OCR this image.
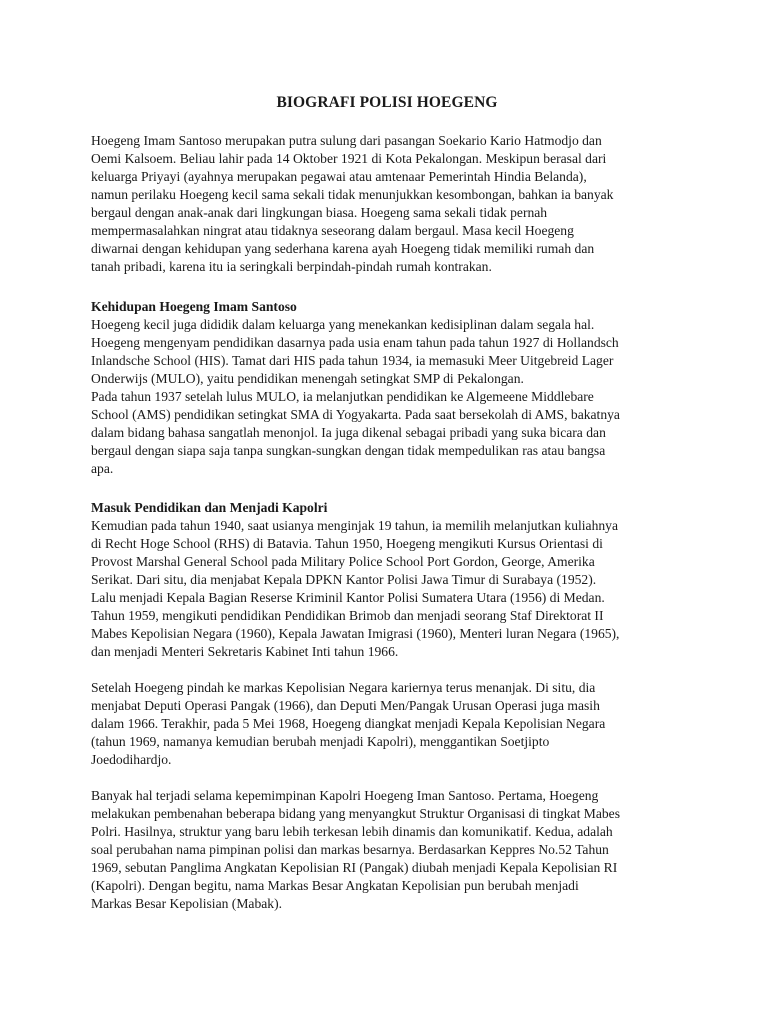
BIOGRAFI POLISI HOEGENG

Hoegeng Imam Santoso merupakan putra sulung dari pasangan Soekario Kario Hatmodjo dan
Oemi Kalsoem. Beliau lahir pada 14 Oktober 1921 di Kota Pekalongan. Meskipun berasal dari
keluarga Priyayi (ayahnya merupakan pegawai atau amtenaar Pemerintah Hindia Belanda),
namun perilaku Hoegeng kecil sama sekali tidak menunjukkan kesombongan, bahkan ia banyak
bergaul dengan anak-anak dari lingkungan biasa. Hoegeng sama sekali tidak pernah
mempermasalahkan ningrat atau tidaknya seseorang dalam bergaul. Masa kecil Hoegeng
diwarnai dengan kehidupan yang sederhana karena ayah Hoegeng tidak memiliki rumah dan
tanah pribadi, karena itu ia seringkali berpindah-pindah rumah kontrakan.

Kehidupan Hoegeng Imam Santoso

Hoegeng kecil juga dididik dalam keluarga yang menekankan kedisiplinan dalam segala hal.
Hoegeng mengenyam pendidikan dasarnya pada usia enam tahun pada tahun 1927 di Hollandsch
Inlandsche School (HIS). Tamat dari HIS pada tahun 1934, ia memasuki Meer Uitgebreid Lager
Onderwijs (MULO), yaitu pendidikan menengah setingkat SMP di Pekalongan.
Pada tahun 1937 setelah lulus MULO, ia melanjutkan pendidikan ke Algemeene Middlebare
School (AMS) pendidikan setingkat SMA di Yogyakarta. Pada saat bersekolah di AMS, bakatnya
dalam bidang bahasa sangatlah menonjol. Ia juga dikenal sebagai pribadi yang suka bicara dan
bergaul dengan siapa saja tanpa sungkan-sungkan dengan tidak mempedulikan ras atau bangsa
apa.

Masuk Pendidikan dan Menjadi Kapolri

Kemudian pada tahun 1940, saat usianya menginjak 19 tahun, ia memilih melanjutkan kuliahnya
di Recht Hoge School (RHS) di Batavia. Tahun 1950, Hoegeng mengikuti Kursus Orientasi di
Provost Marshal General School pada Military Police School Port Gordon, George, Amerika
Serikat. Dari situ, dia menjabat Kepala DPKN Kantor Polisi Jawa Timur di Surabaya (1952).
Lalu menjadi Kepala Bagian Reserse Kriminil Kantor Polisi Sumatera Utara (1956) di Medan.
Tahun 1959, mengikuti pendidikan Pendidikan Brimob dan menjadi seorang Staf Direktorat II
Mabes Kepolisian Negara (1960), Kepala Jawatan Imigrasi (1960), Menteri luran Negara (1965),
dan menjadi Menteri Sekretaris Kabinet Inti tahun 1966.

Setelah Hoegeng pindah ke markas Kepolisian Negara kariernya terus menanjak. Di situ, dia
menjabat Deputi Operasi Pangak (1966), dan Deputi Men/Pangak Urusan Operasi juga masih
dalam 1966. Terakhir, pada 5 Mei 1968, Hoegeng diangkat menjadi Kepala Kepolisian Negara
(tahun 1969, namanya kemudian berubah menjadi Kapolri), menggantikan Soetjipto
Joedodihardjo.

Banyak hal terjadi selama kepemimpinan Kapolri Hoegeng Iman Santoso. Pertama, Hoegeng
melakukan pembenahan beberapa bidang yang menyangkut Struktur Organisasi di tingkat Mabes
Polri. Hasilnya, struktur yang baru lebih terkesan lebih dinamis dan komunikatif. Kedua, adalah
soal perubahan nama pimpinan polisi dan markas besarnya. Berdasarkan Keppres No.52 Tahun
1969, sebutan Panglima Angkatan Kepolisian RI (Pangak) diubah menjadi Kepala Kepolisian RI
(Kapolri). Dengan begitu, nama Markas Besar Angkatan Kepolisian pun berubah menjadi
Markas Besar Kepolisian (Mabak).
